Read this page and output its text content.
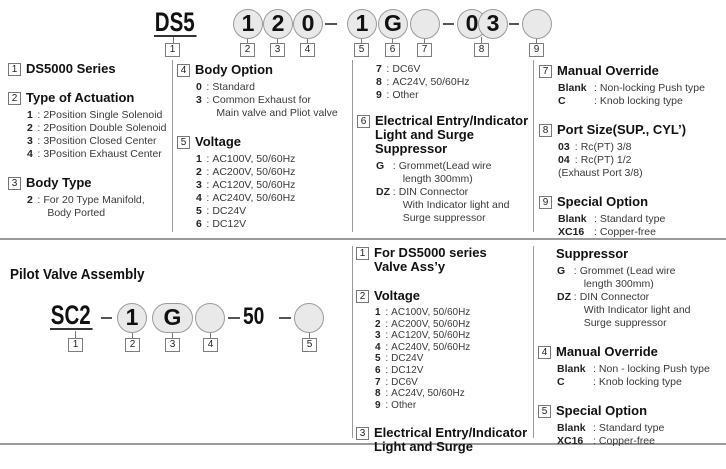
DS5	1 2 0	1 G	0 3
1	2	3	4	5	6	7	8	9
1 DS5000 Series
2 Type of Actuation
1 : 2Position Single Solenoid
2 : 2Position Double Solenoid
3 : 3Position Closed Center
4 : 3Position Exhaust Center
3 Body Type
2 : For 20 Type Manifold,
Body Ported
4 Body Option
0 : Standard
3 : Common Exhaust for
Main valve and Pliot valve
5 Voltage
1 : AC100V, 50/60Hz
2 : AC200V, 50/60Hz
3 : AC120V, 50/60Hz
4 : AC240V, 50/60Hz
5 : DC24V
6 : DC12V
7 : DC6V
8 : AC24V, 50/60Hz
9 : Other
6 Electrical Entry/Indicator
Light and Surge
Suppressor
G : Grommet(Lead wire
length 300mm)
DZ : DIN Connector
With Indicator light and
Surge suppressor
7 Manual Override
Blank : Non-locking Push type
C	: Knob locking type
8 Port Size(SUP., CYL’)
03 : Rc(PT) 3/8
04 : Rc(PT) 1/2
(Exhaust Port 3/8)
9 Special Option
Blank : Standard type
XC16 : Copper-free
Pilot Valve Assembly
SC2	1	G	50
1	2	3	4	5
1 For DS5000 series
Valve Ass’y
2 Voltage
1 : AC100V, 50/60Hz
2 : AC200V, 50/60Hz
3 : AC120V, 50/60Hz
4 : AC240V, 50/60Hz
5 : DC24V
6 : DC12V
7 : DC6V
8 : AC24V, 50/60Hz
9 : Other
3 Electrical Entry/Indicator
Light and Surge
Suppressor
G : Grommet (Lead wire
length 300mm)
DZ : DIN Connector
With Indicator light and
Surge suppressor
4 Manual Override
Blank : Non - locking Push type
C	: Knob locking type
5 Special Option
Blank : Standard type
XC16 : Copper-free
